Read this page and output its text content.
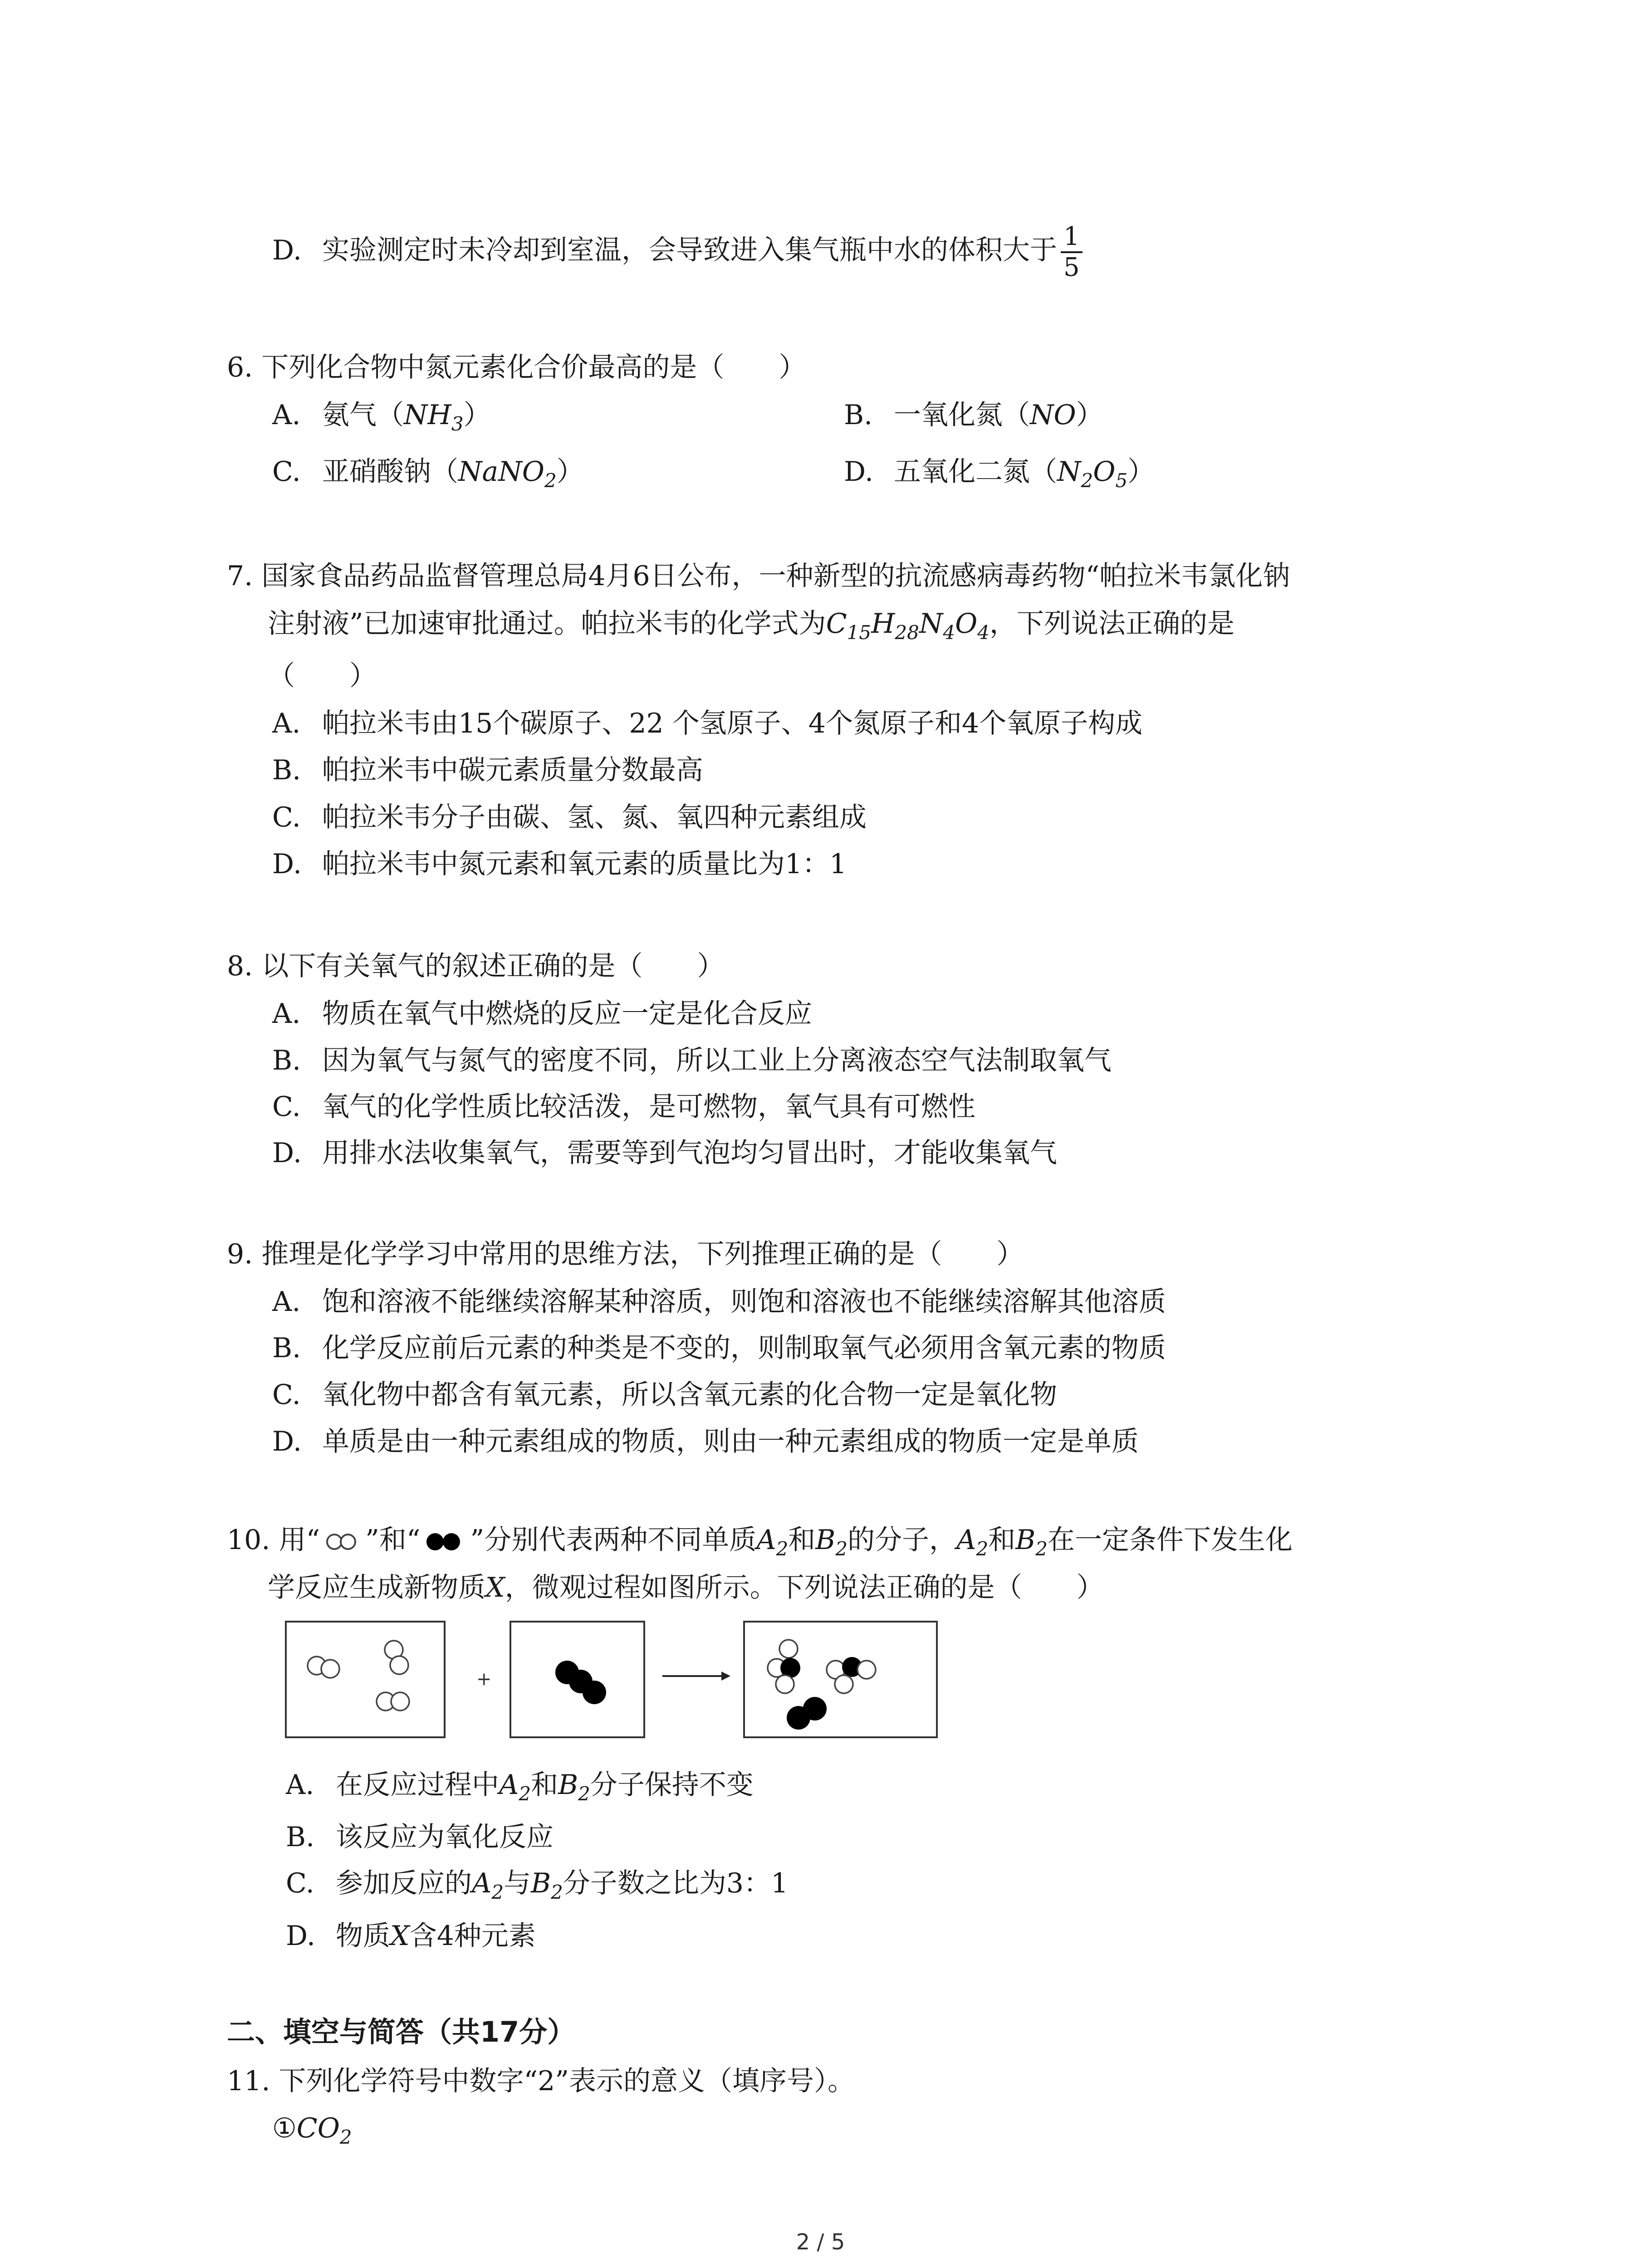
D. 实验测定时未冷却到室温，会导致进入集气瓶中水的体积大于 $\frac{1}{5}$
6. 下列化合物中氮元素化合价最高的是（　　）
A. 氨气$(NH_3)$	B. 一氧化氮（NO）
C. 亚硝酸钠（NaNO$_2$）	D. 五氧化二氮$(N_2O_5)$
7. 国家食品药品监督管理总局4月6日公布，一种新型的抗流感病毒药物“帕拉米韦氯化钠
注射液”已加速审批通过。帕拉米韦的化学式为$C_{15}H_{28}N_4O_4$，下列说法正确的是
（　　）
A. 帕拉米韦由15个碳原子、22 个氢原子、4个氮原子和4个氧原子构成
B. 帕拉米韦中碳元素质量分数最高
C. 帕拉米韦分子由碳、氢、氮、氧四种元素组成
D. 帕拉米韦中氮元素和氧元素的质量比为1：1
8. 以下有关氧气的叙述正确的是（　　）
A. 物质在氧气中燃烧的反应一定是化合反应
B. 因为氧气与氮气的密度不同，所以工业上分离液态空气法制取氧气
C. 氧气的化学性质比较活泼，是可燃物，氧气具有可燃性
D. 用排水法收集氧气，需要等到气泡均匀冒出时，才能收集氧气
9. 推理是化学学习中常用的思维方法，下列推理正确的是（　　）
A. 饱和溶液不能继续溶解某种溶质，则饱和溶液也不能继续溶解其他溶质
B. 化学反应前后元素的种类是不变的，则制取氧气必须用含氧元素的物质
C. 氧化物中都含有氧元素，所以含氧元素的化合物一定是氧化物
D. 单质是由一种元素组成的物质，则由一种元素组成的物质一定是单质
10. 用“ ”和“ ”分别代表两种不同单质$A_2$和$B_2$的分子，$A_2$和$B_2$在一定条件下发生化
学反应生成新物质X，微观过程如图所示。下列说法正确的是（　　）
+
A. 在反应过程中$A_2$和$B_2$分子保持不变
B. 该反应为氧化反应
C. 参加反应的$A_2$与$B_2$分子数之比为3：1
D. 物质X含4种元素
二、填空与简答（共17分）
11. 下列化学符号中数字“2”表示的意义（填序号）。
$①CO_2$
2 / 5
